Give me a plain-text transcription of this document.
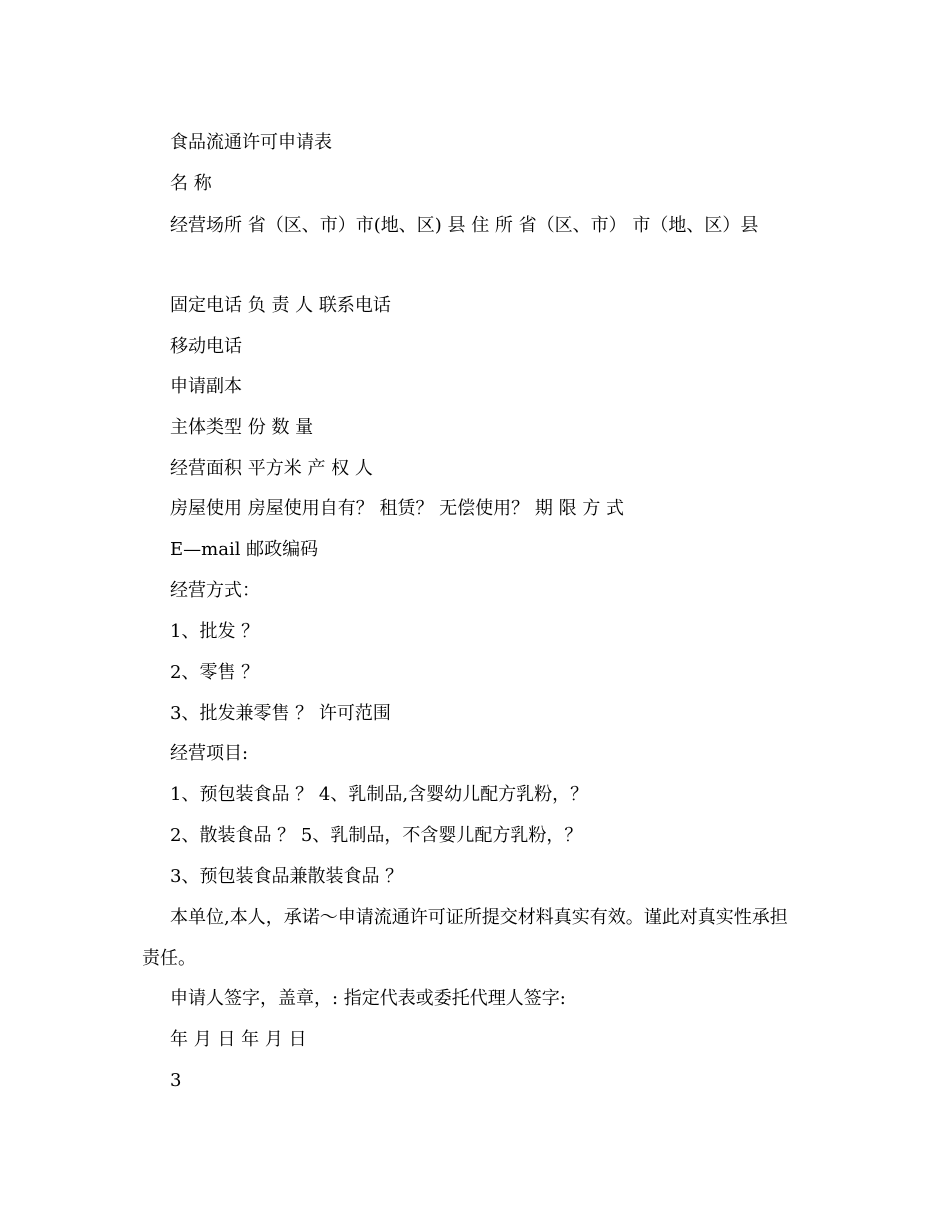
食品流通许可申请表

名 称

经营场所 省（区、市）市(地、区) 县 住 所 省（区、市） 市（地、区）县

固定电话 负 责 人 联系电话

移动电话

申请副本

主体类型 份 数 量

经营面积 平方米 产 权 人

房屋使用 房屋使用自有？ 租赁？ 无偿使用？ 期 限 方 式

E—mail 邮政编码

经营方式：

1、批发 ？

2、零售 ？

3、批发兼零售 ？ 许可范围

经营项目:

1、预包装食品 ？ 4、乳制品,含婴幼儿配方乳粉，？

2、散装食品 ？ 5、乳制品，不含婴儿配方乳粉，？

3、预包装食品兼散装食品 ？

本单位,本人，承诺～申请流通许可证所提交材料真实有效。谨此对真实性承担责任。

申请人签字，盖章，: 指定代表或委托代理人签字:

年 月 日 年 月 日

3
